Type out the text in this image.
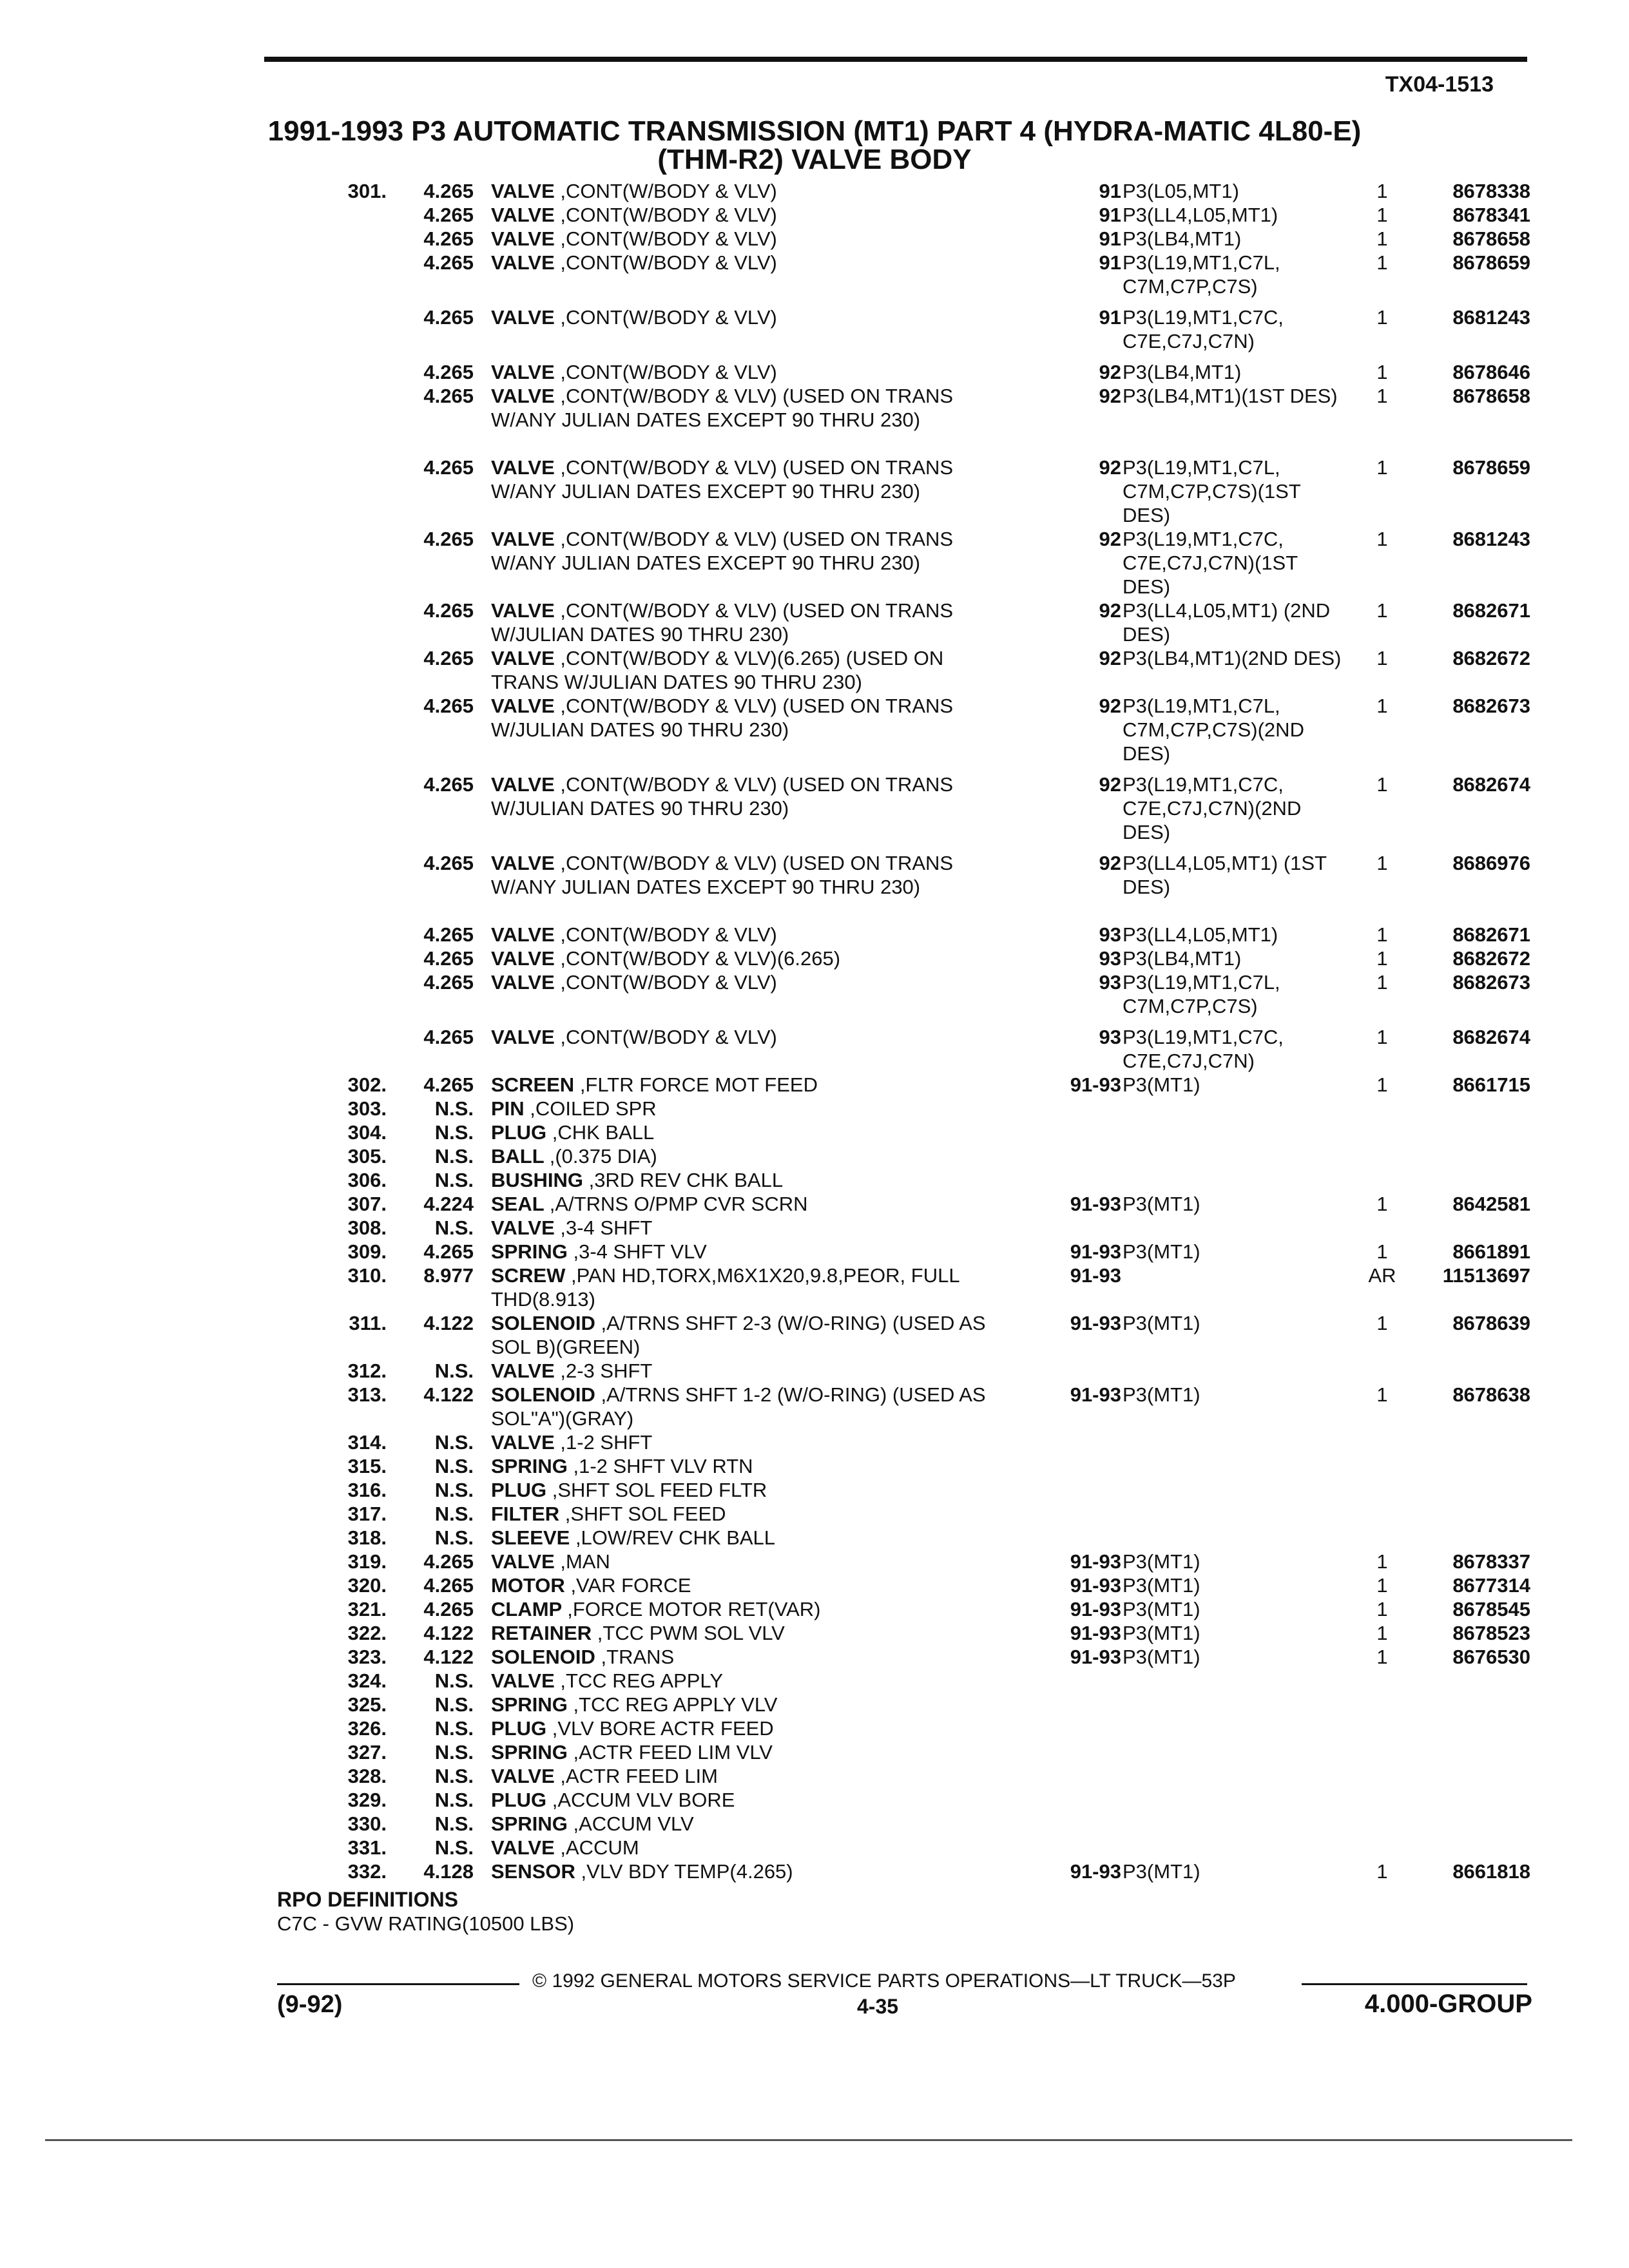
TX04-1513
1991-1993 P3 AUTOMATIC TRANSMISSION (MT1) PART 4 (HYDRA-MATIC 4L80-E)
(THM-R2) VALVE BODY
301.	4.265 VALVE ,CONT(W/BODY & VLV)	91 P3(L05,MT1)	1	8678338
4.265 VALVE ,CONT(W/BODY & VLV)	91 P3(LL4,L05,MT1)	1	8678341
4.265 VALVE ,CONT(W/BODY & VLV)	91 P3(LB4,MT1)	1	8678658
4.265 VALVE ,CONT(W/BODY & VLV)	91 P3(L19,MT1,C7L, C7M,C7P,C7S)
1	8678659
4.265 VALVE ,CONT(W/BODY & VLV)	91 P3(L19,MT1,C7C, C7E,C7J,C7N)
1	8681243
4.265 VALVE ,CONT(W/BODY & VLV)	92 P3(LB4,MT1)	1	8678646
4.265 VALVE ,CONT(W/BODY & VLV) (USED ON TRANS W/ANY JULIAN DATES EXCEPT 90 THRU 230)
92 P3(LB4,MT1)(1ST DES)	1	8678658
4.265 VALVE ,CONT(W/BODY & VLV) (USED ON TRANS W/ANY JULIAN DATES EXCEPT 90 THRU 230)
92 P3(L19,MT1,C7L, C7M,C7P,C7S)(1ST DES)
1	8678659
4.265 VALVE ,CONT(W/BODY & VLV) (USED ON TRANS W/ANY JULIAN DATES EXCEPT 90 THRU 230)
92 P3(L19,MT1,C7C, C7E,C7J,C7N)(1ST DES)
1	8681243
4.265 VALVE ,CONT(W/BODY & VLV) (USED ON TRANS W/JULIAN DATES 90 THRU 230)
92 P3(LL4,L05,MT1) (2ND DES)
1	8682671
4.265 VALVE ,CONT(W/BODY & VLV)(6.265) (USED ON TRANS W/JULIAN DATES 90 THRU 230)
92 P3(LB4,MT1)(2ND DES)	1	8682672
4.265 VALVE ,CONT(W/BODY & VLV) (USED ON TRANS W/JULIAN DATES 90 THRU 230)
92 P3(L19,MT1,C7L, C7M,C7P,C7S)(2ND DES)
1	8682673
4.265 VALVE ,CONT(W/BODY & VLV) (USED ON TRANS W/JULIAN DATES 90 THRU 230)
92 P3(L19,MT1,C7C, C7E,C7J,C7N)(2ND DES)
1	8682674
4.265 VALVE ,CONT(W/BODY & VLV) (USED ON TRANS W/ANY JULIAN DATES EXCEPT 90 THRU 230)
92 P3(LL4,L05,MT1) (1ST DES)
1	8686976
4.265 VALVE ,CONT(W/BODY & VLV)	93 P3(LL4,L05,MT1)	1	8682671
4.265 VALVE ,CONT(W/BODY & VLV)(6.265)	93 P3(LB4,MT1)	1	8682672
4.265 VALVE ,CONT(W/BODY & VLV)	93 P3(L19,MT1,C7L, C7M,C7P,C7S)
1	8682673
4.265 VALVE ,CONT(W/BODY & VLV)	93 P3(L19,MT1,C7C, C7E,C7J,C7N)
1	8682674
302.	4.265 SCREEN ,FLTR FORCE MOT FEED	91-93 P3(MT1)	1	8661715
303.	N.S. PIN ,COILED SPR
304.	N.S. PLUG ,CHK BALL
305.	N.S. BALL ,(0.375 DIA)
306.	N.S. BUSHING ,3RD REV CHK BALL
307.	4.224 SEAL ,A/TRNS O/PMP CVR SCRN	91-93 P3(MT1)	1	8642581
308.	N.S. VALVE ,3-4 SHFT
309.	4.265 SPRING ,3-4 SHFT VLV	91-93 P3(MT1)	1	8661891
310.	8.977 SCREW ,PAN HD,TORX,M6X1X20,9.8,PEOR, FULL THD(8.913)
91-93	AR	11513697
311.	4.122 SOLENOID ,A/TRNS SHFT 2-3 (W/O-RING) (USED AS SOL B)(GREEN)
91-93 P3(MT1)	1	8678639
312.	N.S. VALVE ,2-3 SHFT
313.	4.122 SOLENOID ,A/TRNS SHFT 1-2 (W/O-RING) (USED AS SOL"A")(GRAY)
91-93 P3(MT1)	1	8678638
314.	N.S. VALVE ,1-2 SHFT
315.	N.S. SPRING ,1-2 SHFT VLV RTN
316.	N.S. PLUG ,SHFT SOL FEED FLTR
317.	N.S. FILTER ,SHFT SOL FEED
318.	N.S. SLEEVE ,LOW/REV CHK BALL
319.	4.265 VALVE ,MAN	91-93 P3(MT1)	1	8678337
320.	4.265 MOTOR ,VAR FORCE	91-93 P3(MT1)	1	8677314
321.	4.265 CLAMP ,FORCE MOTOR RET(VAR)	91-93 P3(MT1)	1	8678545
322.	4.122 RETAINER ,TCC PWM SOL VLV	91-93 P3(MT1)	1	8678523
323.	4.122 SOLENOID ,TRANS	91-93 P3(MT1)	1	8676530
324.	N.S. VALVE ,TCC REG APPLY
325.	N.S. SPRING ,TCC REG APPLY VLV
326.	N.S. PLUG ,VLV BORE ACTR FEED
327.	N.S. SPRING ,ACTR FEED LIM VLV
328.	N.S. VALVE ,ACTR FEED LIM
329.	N.S. PLUG ,ACCUM VLV BORE
330.	N.S. SPRING ,ACCUM VLV
331.	N.S. VALVE ,ACCUM
332.	4.128 SENSOR ,VLV BDY TEMP(4.265)	91-93 P3(MT1)	1	8661818
RPO DEFINITIONS
C7C - GVW RATING(10500 LBS)
© 1992 GENERAL MOTORS SERVICE PARTS OPERATIONS—LT TRUCK—53P
(9-92)	4-35	4.000-GROUP
